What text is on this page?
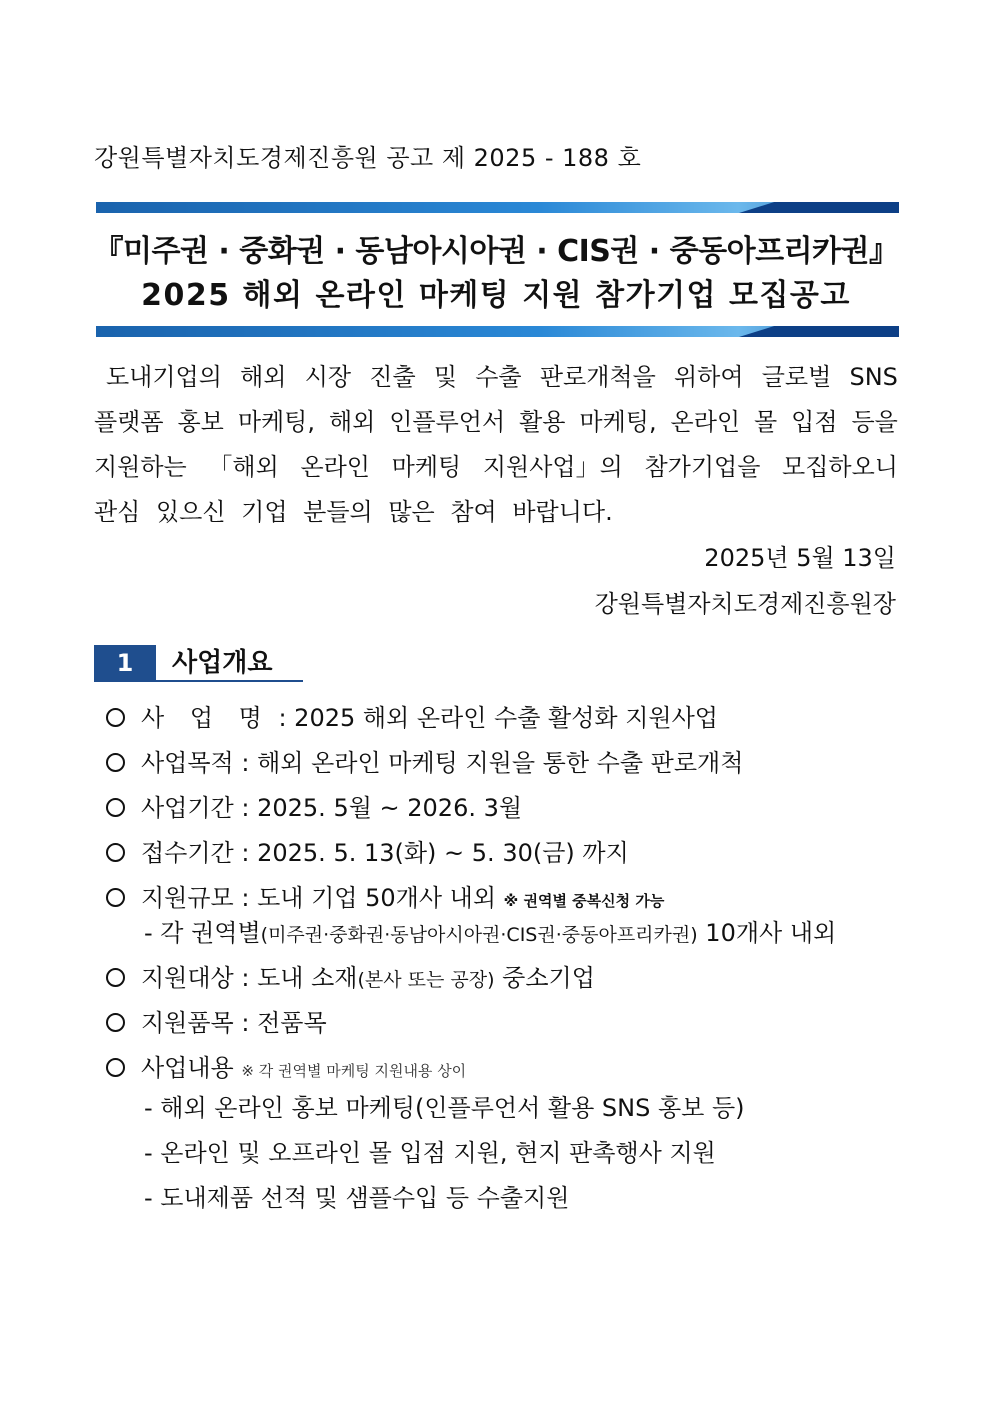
강원특별자치도경제진흥원 공고 제 2025 - 188 호
『미주권 · 중화권 · 동남아시아권 · CIS권 · 중동아프리카권』
2025 해외 온라인 마케팅 지원 참가기업 모집공고
도내기업의 해외 시장 진출 및 수출 판로개척을 위하여 글로벌 SNS
플랫폼 홍보 마케팅, 해외 인플루언서 활용 마케팅, 온라인 몰 입점 등을
지원하는 「해외 온라인 마케팅 지원사업」의 참가기업을 모집하오니
관심 있으신 기업 분들의 많은 참여 바랍니다.
2025년 5월 13일
강원특별자치도경제진흥원장
1	사업개요
사 업 명 : 2025 해외 온라인 수출 활성화 지원사업
사업목적 : 해외 온라인 마케팅 지원을 통한 수출 판로개척
사업기간 : 2025. 5월 ~ 2026. 3월
접수기간 : 2025. 5. 13(화) ~ 5. 30(금) 까지
지원규모 : 도내 기업 50개사 내외 ※ 권역별 중복신청 가능
- 각 권역별(미주권·중화권·동남아시아권·CIS권·중동아프리카권) 10개사 내외
지원대상 : 도내 소재(본사 또는 공장) 중소기업
지원품목 : 전품목
사업내용 ※ 각 권역별 마케팅 지원내용 상이
- 해외 온라인 홍보 마케팅(인플루언서 활용 SNS 홍보 등)
- 온라인 및 오프라인 몰 입점 지원, 현지 판촉행사 지원
- 도내제품 선적 및 샘플수입 등 수출지원
